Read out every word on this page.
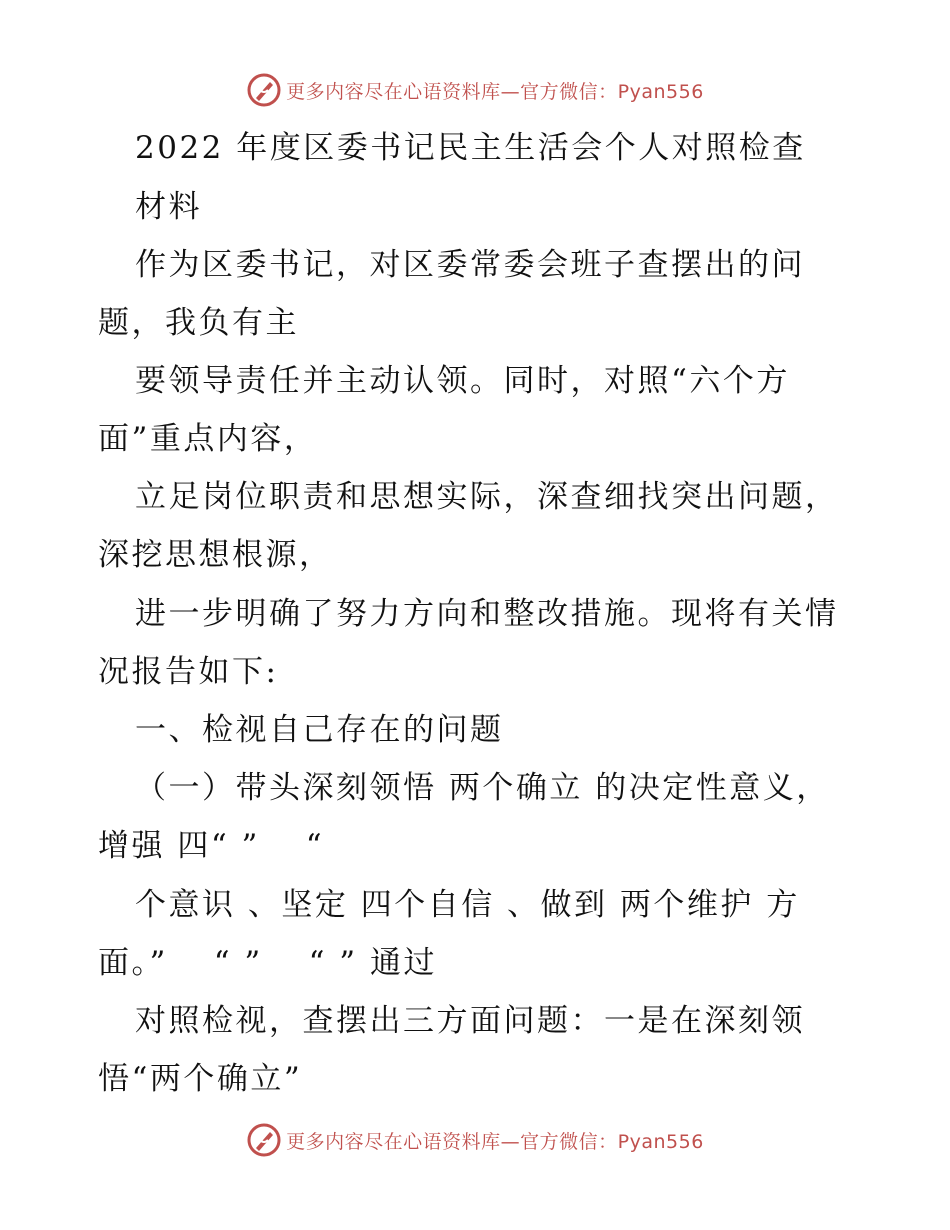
更多内容尽在心语资料库—官方微信：Pyan556
2022 年度区委书记民主生活会个人对照检查
材料
作为区委书记，对区委常委会班子查摆出的问
题，我负有主
要领导责任并主动认领。同时，对照“六个方
面”重点内容，
立足岗位职责和思想实际，深查细找突出问题，
深挖思想根源，
进一步明确了努力方向和整改措施。现将有关情
况报告如下:
一、检视自己存在的问题
（一）带头深刻领悟 两个确立 的决定性意义，
增强 四“ ”　 “
个意识 、坚定 四个自信 、做到 两个维护 方
面。” 　“ ” 　“ ” 通过
对照检视，查摆出三方面问题：一是在深刻领
悟“两个确立”
更多内容尽在心语资料库—官方微信：Pyan556
